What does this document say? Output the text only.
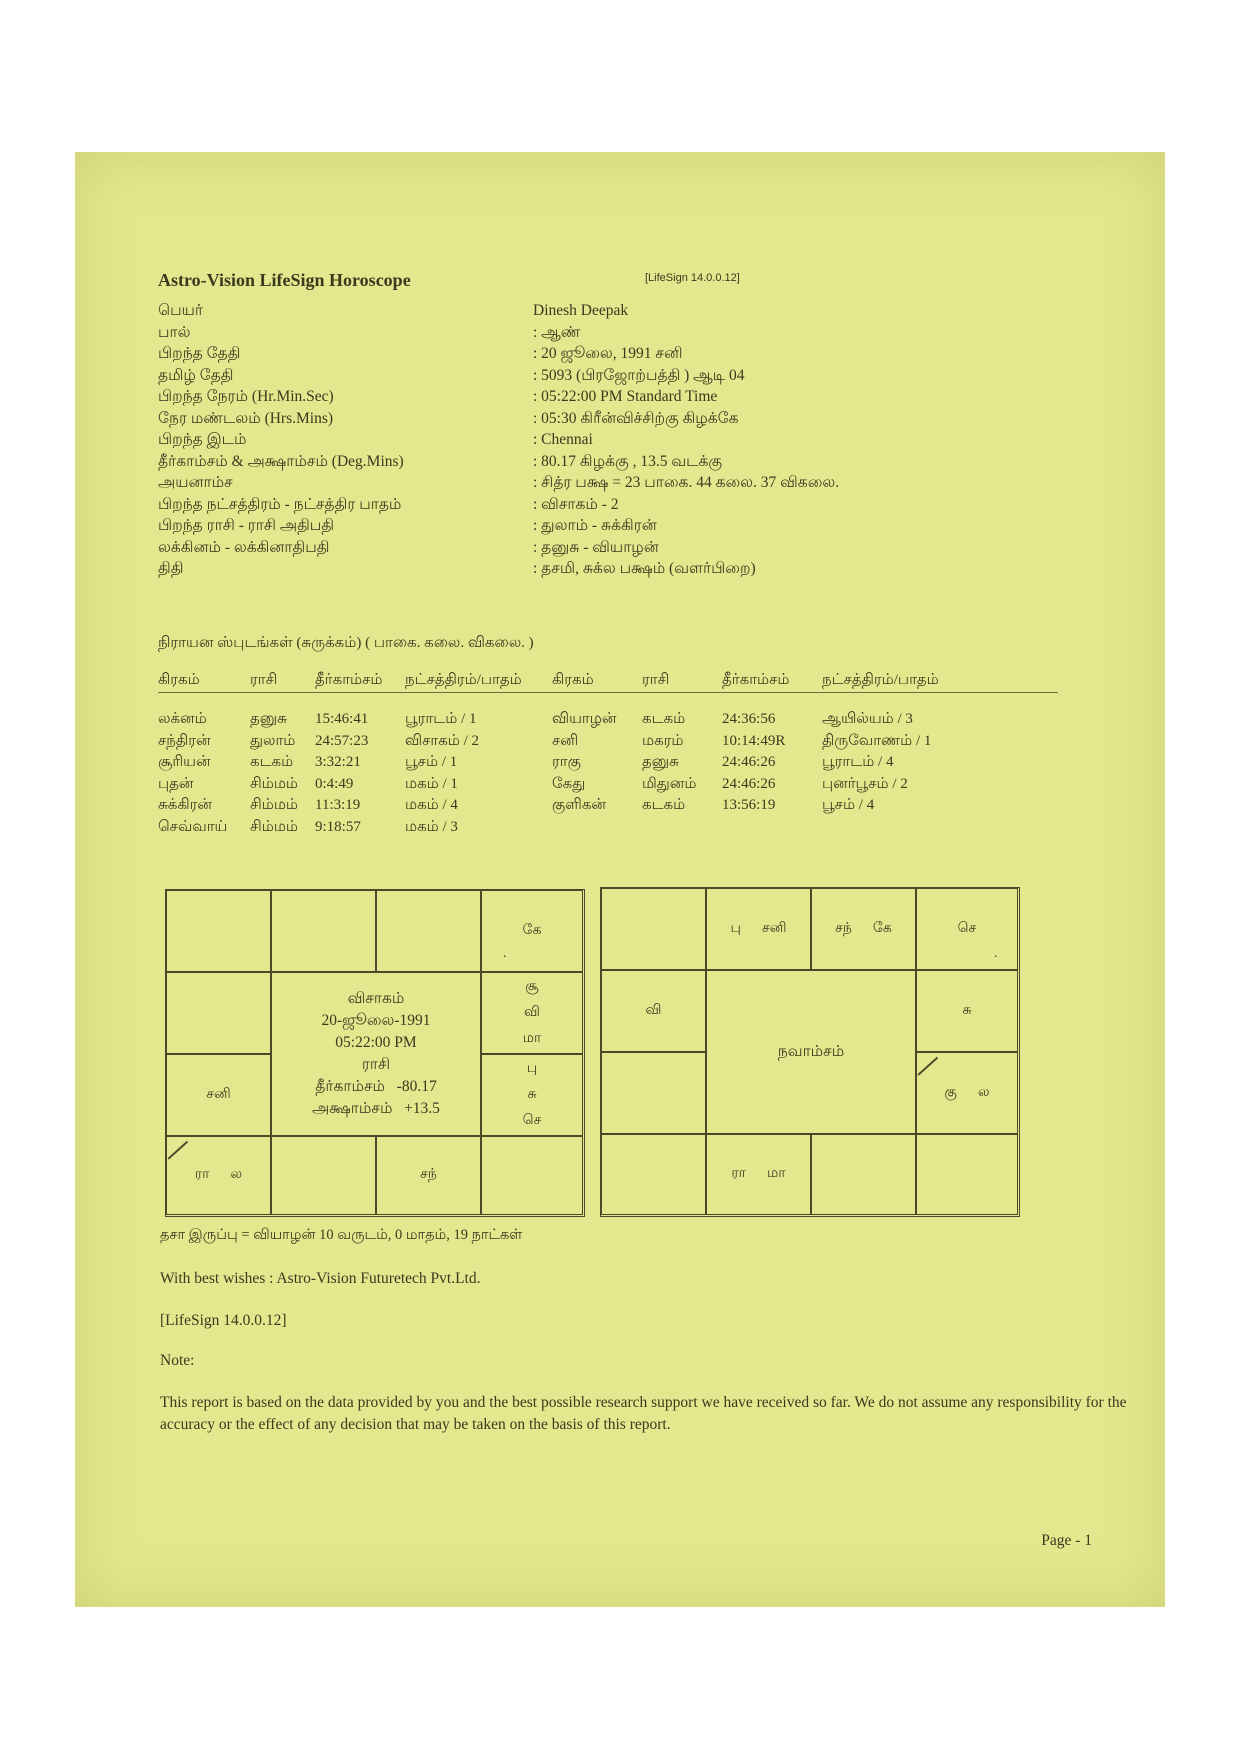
Astro-Vision LifeSign Horoscope	[LifeSign 14.0.0.12]
பெயர்	Dinesh Deepak
பால்	: ஆண்
பிறந்த தேதி	: 20 ஜூலை, 1991 சனி
தமிழ் தேதி	: 5093 (பிரஜோற்பத்தி ) ஆடி 04
பிறந்த நேரம் (Hr.Min.Sec)	: 05:22:00 PM Standard Time
நேர மண்டலம் (Hrs.Mins)	: 05:30 கிரீன்விச்சிற்கு கிழக்கே
பிறந்த இடம்	: Chennai
தீர்காம்சம் & அக்ஷாம்சம் (Deg.Mins)	: 80.17 கிழக்கு , 13.5 வடக்கு
அயனாம்ச	: சித்ர பக்ஷ = 23 பாகை. 44 கலை. 37 விகலை.
பிறந்த நட்சத்திரம் - நட்சத்திர பாதம்	: விசாகம் - 2
பிறந்த ராசி - ராசி அதிபதி	: துலாம் - சுக்கிரன்
லக்கினம் - லக்கினாதிபதி	: தனுசு - வியாழன்
திதி	: தசமி, சுக்ல பக்ஷம் (வளர்பிறை)
நிராயன ஸ்புடங்கள் (சுருக்கம்) ( பாகை. கலை. விகலை. )
கிரகம்	ராசி	தீர்காம்சம்	நட்சத்திரம்/பாதம்	கிரகம்	ராசி	தீர்காம்சம்	நட்சத்திரம்/பாதம்
லக்னம்	தனுசு	15:46:41	பூராடம் / 1	வியாழன்	கடகம்	24:36:56	ஆயில்யம் / 3
சந்திரன்	துலாம்	24:57:23	விசாகம் / 2	சனி	மகரம்	10:14:49R	திருவோணம் / 1
சூரியன்	கடகம்	3:32:21	பூசம் / 1	ராகு	தனுசு	24:46:26	பூராடம் / 4
புதன்	சிம்மம்	0:4:49	மகம் / 1	கேது	மிதுனம்	24:46:26	புனர்பூசம் / 2
சுக்கிரன்	சிம்மம்	11:3:19	மகம் / 4	குளிகன்	கடகம்	13:56:19	பூசம் / 4
செவ்வாய்	சிம்மம்	9:18:57	மகம் / 3
கே
.
சூ
வி
மா
சனி
பு
சு
செ
ரா      ல	சந்
விசாகம்
20-ஜூலை-1991
05:22:00 PM
ராசி
தீர்காம்சம்   -80.17
அக்ஷாம்சம்   +13.5
பு      சனி	சந்      கே	செ
.
வி	சு
கு      ல
ரா      மா
நவாம்சம்
தசா இருப்பு = வியாழன் 10 வருடம், 0 மாதம், 19 நாட்கள்
With best wishes : Astro-Vision Futuretech Pvt.Ltd.
[LifeSign 14.0.0.12]
Note:
This report is based on the data provided by you and the best possible research support we have received so far. We do not assume any responsibility for the accuracy or the effect of any decision that may be taken on the basis of this report.
Page - 1
